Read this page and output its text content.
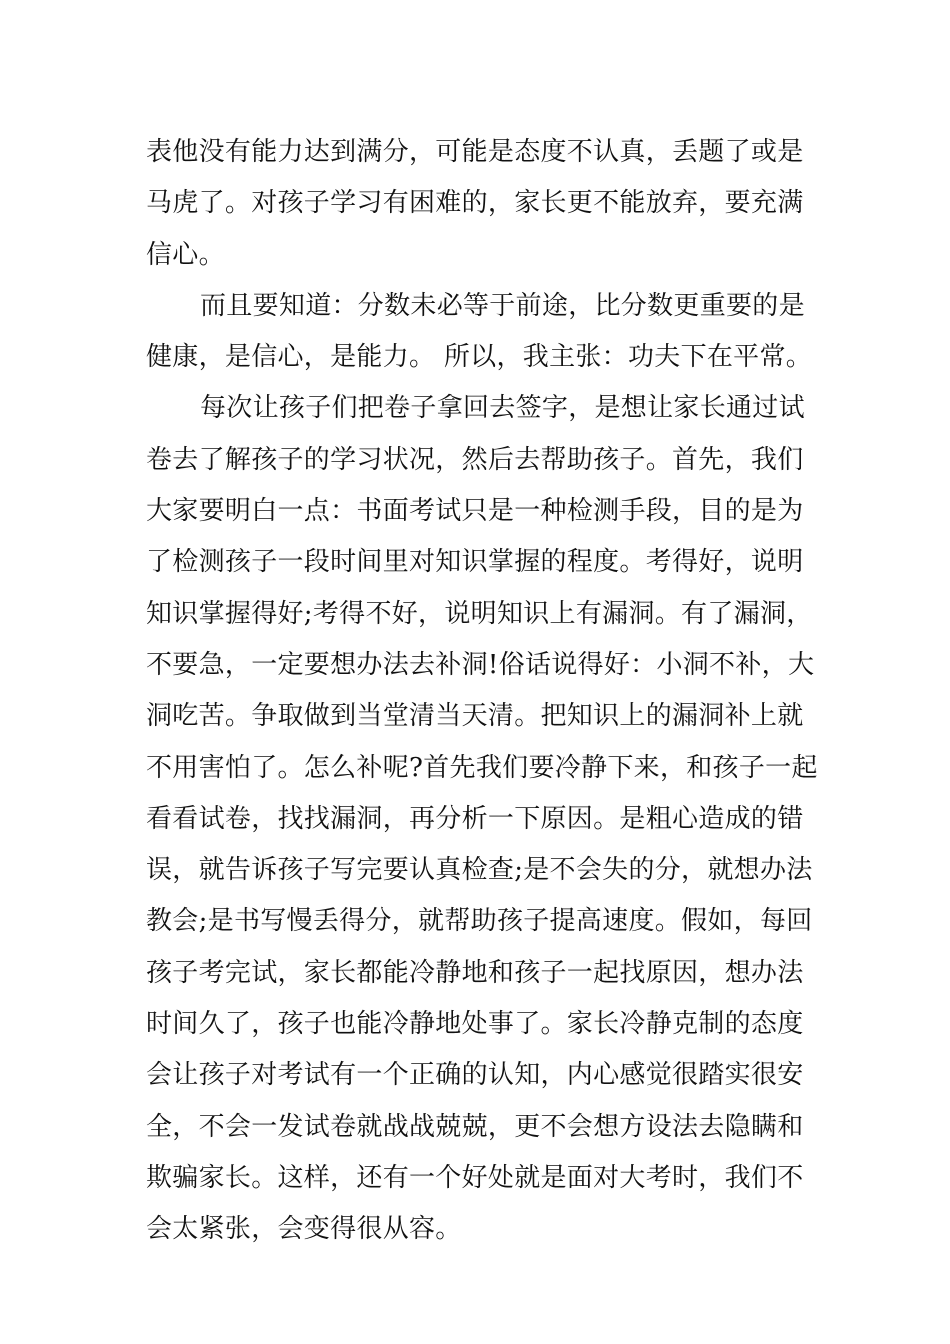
表他没有能力达到满分，可能是态度不认真，丢题了或是
马虎了。对孩子学习有困难的，家长更不能放弃，要充满
信心。
而且要知道：分数未必等于前途，比分数更重要的是
健康，是信心，是能力。 所以，我主张：功夫下在平常。
每次让孩子们把卷子拿回去签字，是想让家长通过试
卷去了解孩子的学习状况，然后去帮助孩子。首先，我们
大家要明白一点：书面考试只是一种检测手段，目的是为
了检测孩子一段时间里对知识掌握的程度。考得好，说明
知识掌握得好;考得不好，说明知识上有漏洞。有了漏洞，
不要急，一定要想办法去补洞!俗话说得好：小洞不补，大
洞吃苦。争取做到当堂清当天清。把知识上的漏洞补上就
不用害怕了。怎么补呢?首先我们要冷静下来，和孩子一起
看看试卷，找找漏洞，再分析一下原因。是粗心造成的错
误，就告诉孩子写完要认真检查;是不会失的分，就想办法
教会;是书写慢丢得分，就帮助孩子提高速度。假如，每回
孩子考完试，家长都能冷静地和孩子一起找原因，想办法
时间久了，孩子也能冷静地处事了。家长冷静克制的态度
会让孩子对考试有一个正确的认知，内心感觉很踏实很安
全，不会一发试卷就战战兢兢，更不会想方设法去隐瞒和
欺骗家长。这样，还有一个好处就是面对大考时，我们不
会太紧张，会变得很从容。
